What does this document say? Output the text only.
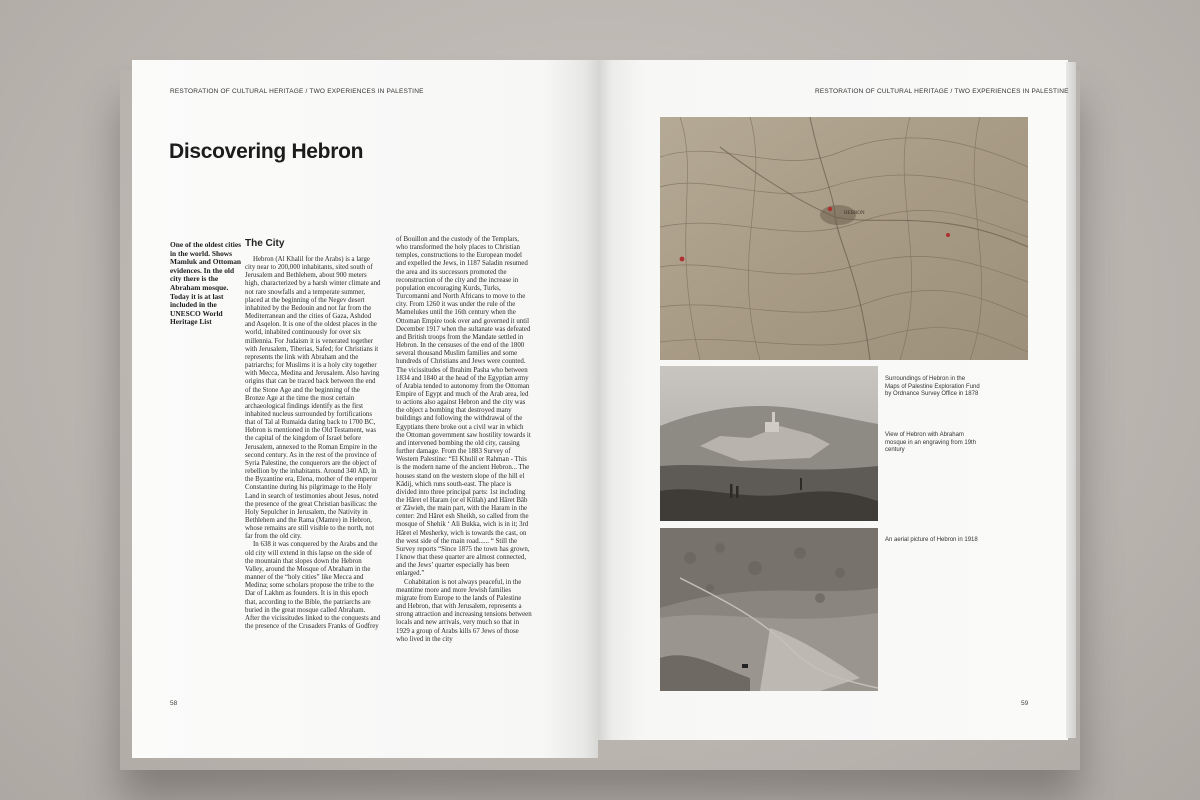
RESTORATION OF CULTURAL HERITAGE / TWO EXPERIENCES IN PALESTINE	RESTORATION OF CULTURAL HERITAGE / TWO EXPERIENCES IN PALESTINE
Discovering Hebron
One of the oldest cities in the world. Shows Mamluk and Ottoman evidences. In the old city there is the Abraham mosque. Today it is at last included in the UNESCO World Heritage List
The City

Hebron (Al Khalil for the Arabs) is a large city near to 200,000 inhabitants, sited south of Jerusalem and Bethlehem, about 900 meters high, characterized by a harsh winter climate and not rare snowfalls and a temperate summer, placed at the beginning of the Negev desert inhabited by the Bedouin and not far from the Mediterranean and the cities of Gaza, Ashdod and Asqelon. It is one of the oldest places in the world, inhabited continuously for over six millennia. For Judaism it is venerated together with Jerusalem, Tiberias, Safed; for Christians it represents the link with Abraham and the patriarchs; for Muslims it is a holy city together with Mecca, Medina and Jerusalem. Also having origins that can be traced back between the end of the Stone Age and the beginning of the Bronze Age at the time the most certain archaeological findings identify as the first inhabited nucleus surrounded by fortifications that of Tal al Rumaida dating back to 1700 BC, Hebron is mentioned in the Old Testament, was the capital of the kingdom of Israel before Jerusalem, annexed to the Roman Empire in the second century. As in the rest of the province of Syria Palestine, the conquerors are the object of rebellion by the inhabitants. Around 340 AD, in the Byzantine era, Elena, mother of the emperor Constantine during his pilgrimage to the Holy Land in search of testimonies about Jesus, noted the presence of the great Christian basilicas: the Holy Sepulcher in Jerusalem, the Nativity in Bethlehem and the Rama (Mamre) in Hebron, whose remains are still visible to the north, not far from the old city.

In 638 it was conquered by the Arabs and the old city will extend in this lapse on the side of the mountain that slopes down the Hebron Valley, around the Mosque of Abraham in the manner of the “holy cities” like Mecca and Medina; some scholars propose the tribe to the Dar of Lakhm as founders. It is in this epoch that, according to the Bible, the patriarchs are buried in the great mosque called Abraham. After the vicissitudes linked to the conquests and the presence of the Crusaders Franks of Godfrey

of Bouillon and the custody of the Templars, who transformed the holy places to Christian temples, constructions to the European model and expelled the Jews, in 1187 Saladin resumed the area and its successors promoted the reconstruction of the city and the increase in population encouraging Kurds, Turks, Turcomanni and North Africans to move to the city. From 1260 it was under the rule of the Mamelukes until the 16th century when the Ottoman Empire took over and governed it until December 1917 when the sultanate was defeated and British troops from the Mandate settled in Hebron. In the censuses of the end of the 1800 several thousand Muslim families and some hundreds of Christians and Jews were counted. The vicissitudes of Ibrahim Pasha who between 1834 and 1840 at the head of the Egyptian army of Arabia tended to autonomy from the Ottoman Empire of Egypt and much of the Arab area, led to actions also against Hebron and the city was the object a bombing that destroyed many buildings and following the withdrawal of the Egyptians there broke out a civil war in which the Ottoman government saw hostility towards it and intervened bombing the old city, causing further damage. From the 1883 Survey of Western Palestine: “El Khulil er Rahman - This is the modern name of the ancient Hebron... The houses stand on the western slope of the hill el Kâdij, which runs south-east. The place is divided into three principal parts: 1st including the Hâret el Haram (or el Kûlah) and Hâret Bâb er Zâwieh, the main part, with the Haram in the center: 2nd Hâret esh Sheikh, so called from the mosque of Shehik ‘ Ali Bukka, wich is in it; 3rd Hâret el Mesherky, wich is towards the cast, on the west side of the main road...... “ Still the Survey reports “Since 1875 the town has grown, I know that these quarter are almost connected, and the Jews’ quarter especially has been enlarged.”

Cohabitation is not always peaceful, in the meantime more and more Jewish families migrate from Europe to the lands of Palestine and Hebron, that with Jerusalem, represents a strong attraction and increasing tensions between locals and new arrivals, very much so that in 1929 a group of Arabs kills 67 Jews of those who lived in the city

58	59
HEBRON
Surroundings of Hebron in the Maps of Palestine Exploration Fund by Ordnance Survey Office in 1878
View of Hebron with Abraham mosque in an engraving from 19th century
An aerial picture of Hebron in 1918
